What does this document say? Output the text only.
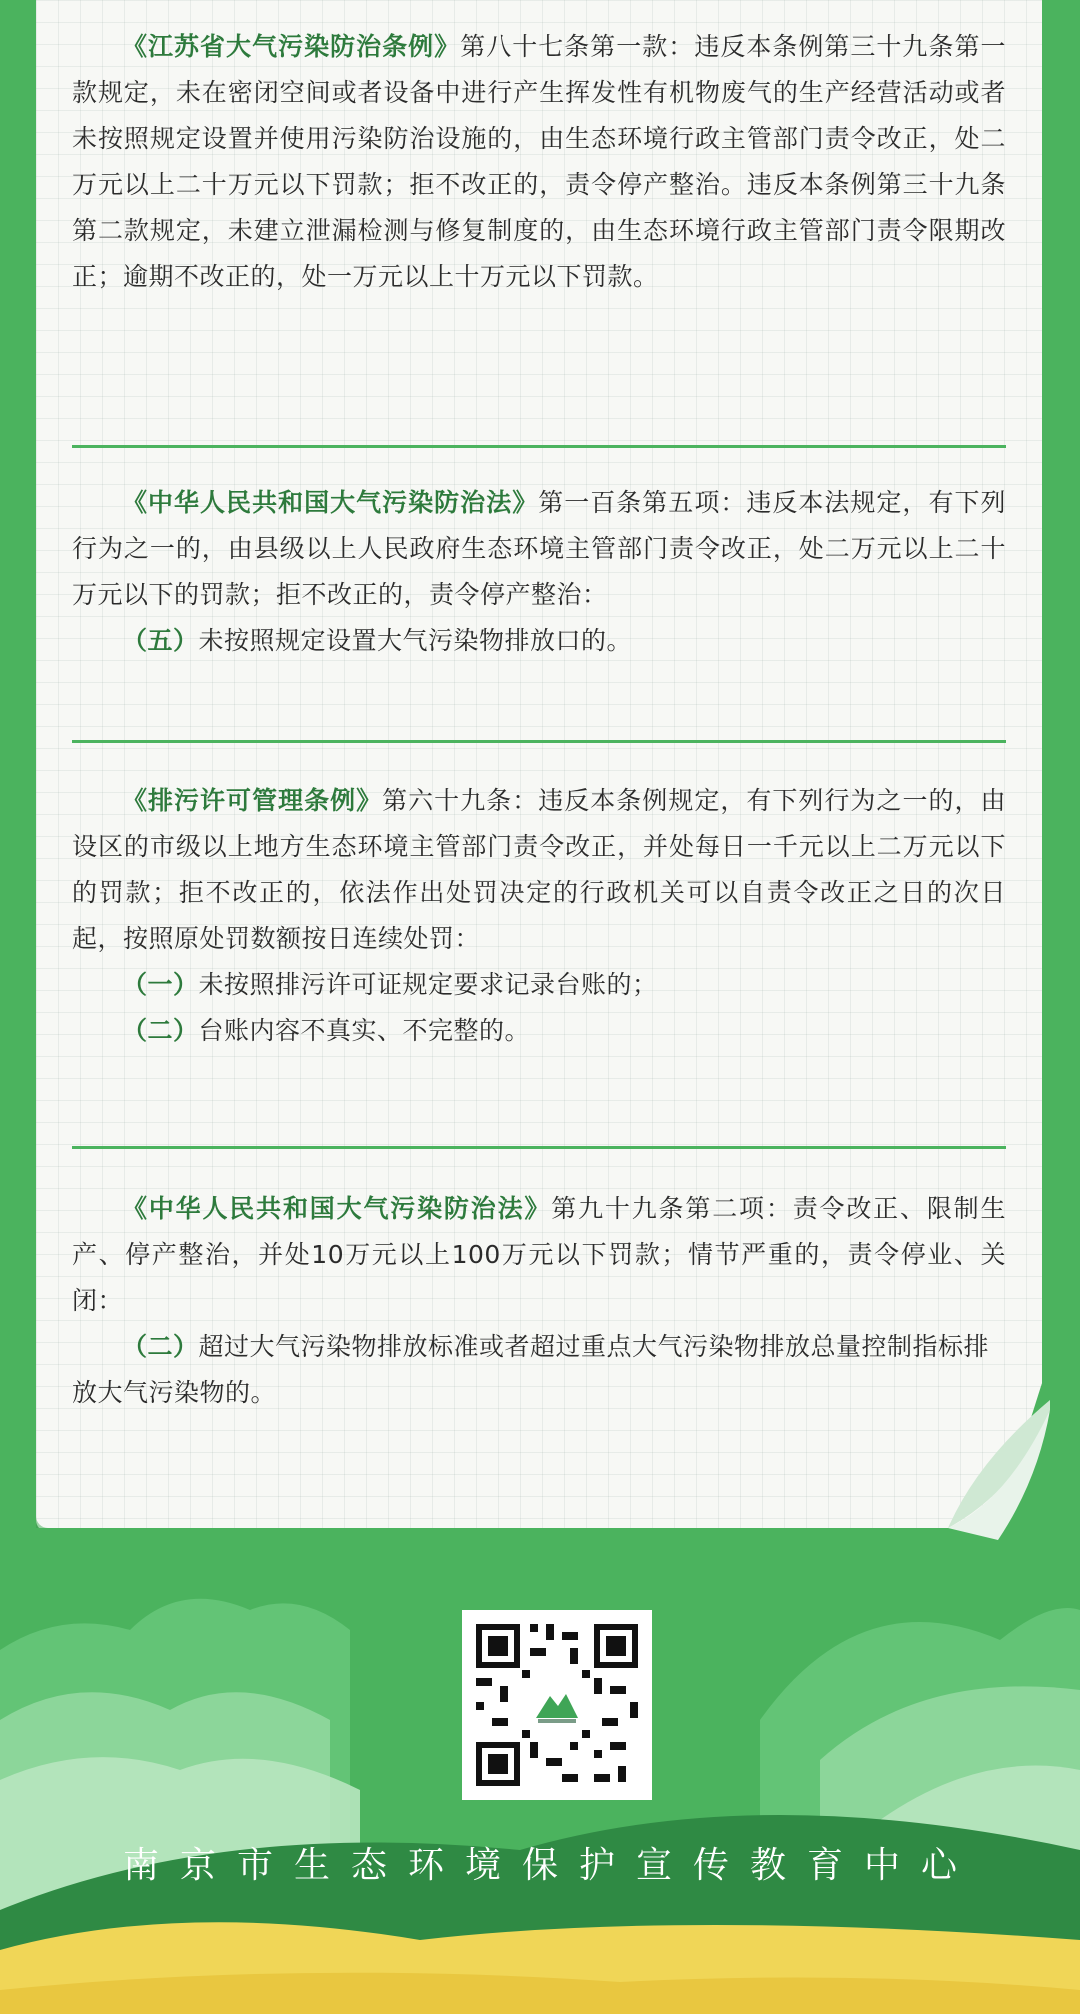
《江苏省大气污染防治条例》第八十七条第一款：违反本条例第三十九条第一款规定，未在密闭空间或者设备中进行产生挥发性有机物废气的生产经营活动或者未按照规定设置并使用污染防治设施的，由生态环境行政主管部门责令改正，处二万元以上二十万元以下罚款；拒不改正的，责令停产整治。违反本条例第三十九条第二款规定，未建立泄漏检测与修复制度的，由生态环境行政主管部门责令限期改正；逾期不改正的，处一万元以上十万元以下罚款。

《中华人民共和国大气污染防治法》第一百条第五项：违反本法规定，有下列行为之一的，由县级以上人民政府生态环境主管部门责令改正，处二万元以上二十万元以下的罚款；拒不改正的，责令停产整治：

（五）未按照规定设置大气污染物排放口的。

《排污许可管理条例》第六十九条：违反本条例规定，有下列行为之一的，由设区的市级以上地方生态环境主管部门责令改正，并处每日一千元以上二万元以下的罚款；拒不改正的，依法作出处罚决定的行政机关可以自责令改正之日的次日起，按照原处罚数额按日连续处罚：

（一）未按照排污许可证规定要求记录台账的；

（二）台账内容不真实、不完整的。

《中华人民共和国大气污染防治法》第九十九条第二项：责令改正、限制生产、停产整治，并处10万元以上100万元以下罚款；情节严重的，责令停业、关闭：

（二）超过大气污染物排放标准或者超过重点大气污染物排放总量控制指标排放大气污染物的。

南京市生态环境保护宣传教育中心
